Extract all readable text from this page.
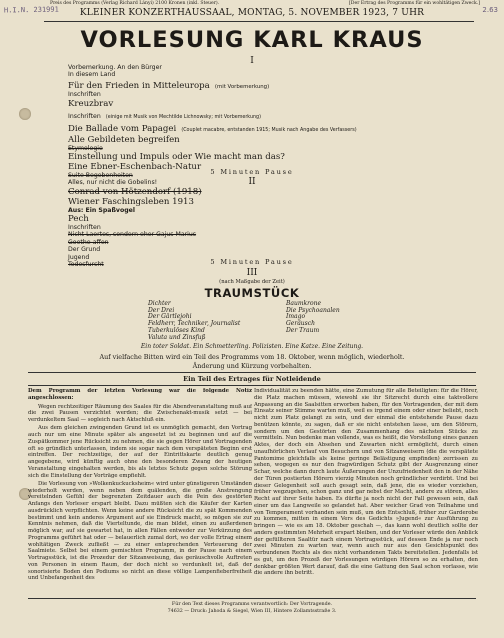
H.I.N. 231991	2.63
Preis des Programms (Verlag Richard Lányi) 2100 Kronen (inkl. Steuer).	[Der Ertrag des Programms für ein wohltätigen Zweck.]
KLEINER KONZERTHAUSSAAL, MONTAG, 5. NOVEMBER 1923, 7 UHR
VORLESUNG KARL KRAUS
I
Vorbemerkung. An den Bürger
In diesem Land
Für den Frieden in Mitteleuropa (mit Vorbemerkung)
Inschriften
Kreuzbrav
Inschriften (einige mit Musik von Mechtilde Lichnowsky; mit Vorbemerkung)
Die Ballade vom Papagei (Couplet macabre, entstanden 1915; Musik nach Angabe des Verfassers)
Alle Gebildeten begreifen
Etymologie
Einstellung und Impuls oder Wie macht man das?
Eine Ebner-Eschenbach-Natur
Suite Begebenheiten
Alles, nur nicht die Gobelins!
5 Minuten Pause
II
Conrad von Hötzendorf (1918)
Wiener Faschingsleben 1913
Aus: Ein Spaßvogel
Pech
Inschriften
Nicht Laertes, sondern eher Gajus Marius
Goethe-affen
Der Grund
Jugend
Todesfurcht	5 Minuten Pause
III
(nach Maßgabe der Zeit)
TRAUMSTÜCK
Dichter
Der Drei
Der Gärtlejohi
Feldherr, Techniker, Journalist
Tuberkulöses Kind
Valuta und Zinsfuß
Baumkrone
Die Psychoanalen
Imago
Geräusch
Der Traum
Ein toter Soldat. Ein Schmetterling. Polizisten. Eine Katze. Eine Zeitung.
Auf vielfache Bitten wird ein Teil des Programms vom 18. Oktober, wenn möglich, wiederholt.
Änderung und Kürzung vorbehalten.
Ein Teil des Ertrages für Notleidende

Dem Programm der letzten Vorlesung war die folgende Notiz angeschlossen:

Wegen rechtzeitiger Räumung des Saales für die Abendveranstaltung muß auf die zwei Pausen verzichtet werden; die Zwischenakt-musik setzt — bei verdunkeltem Saal — sogleich nach Aktschluß ein.

Aus dem gleichen zwingenden Grund ist es unmöglich gemacht, den Vortrag auch nur um eine Minute später als angesetzt ist zu beginnen und auf die Zuspätkommer jene Rücksicht zu nehmen, die sie gegen Hörer und Vortragenden oft so gründlich unterlassen, indem sie sogar nach dem verspäteten Beginn erst eintreffen. Der rechtzeitige, der auf der Eintrittskarte deutlich genug angegebene, wird künftig auch ohne den besonderen Zwang der heutigen Veranstaltung eingehalten werden, bis als letztes Schutz gegen solche Störung sich die Einstellung der Vorträge empfiehlt.

Die Vorlesung von »Wolkenkuckucksheim« wird unter günstigeren Umständen wiederholt werden, wenn neben dem quälenden, die große Anstrengung vereitelnden Gefühl der begrenzten Zeitdauer auch die Pein des gestörten Anfangs den Vorleser erspart bleibt. Dazu müßten sich die Käufer der Karten ausdrücklich verpflichten. Wenn keine andere Rücksicht die zu spät Kommenden bestimmt und kein anderes Argument auf sie Eindruck macht, so mögen sie zur Kenntnis nehmen, daß die Vierteltunde, die man bildet, einen zu außerdenen möglich war, auf sie gewartet hat, in allen Fällen entweder zur Verkürzung des Programms geführt hat oder — belauerlich zumal dort, wo der volle Ertrag einem wohltätigen Zweck zufließt — zu einer entsprechenden Verteuerung der Saalmiete. Selbst bei einem gemischten Programm, in der Pause nach einem Vortragsstück, ist die Prozedur der Sitzanweisung, das geräuschvolle Auftreten von Personen in einem Raum, der doch nicht so verdunkelt ist, daß der sonorisierte Boden den Podiums so nicht an diese völlige Lampenfieberfreiheit und Unbefangenheit des

Individualität zu beenden hätte, eine Zumutung für alle Beteiligten: für die Hörer, die Platz machen müssen, wiewohl sie ihr Sitzrecht durch eine taktvollere Anpassung an die Saalsitten erworben haben, für den Vortragenden, der mit dem Einsatz seiner Stimme warten muß, weil es irgend einem oder einer beliebt, noch nicht zum Platz gelangt zu sein, und der einmal die entstehende Pause dazu benützen könnte, zu sagen, daß er sie nicht entstehen lasse, um den Störern, sondern um den Gestörten den Zusammenhang des nächsten Stücks zu vermitteln. Nun bedenke man vollends, was es heißt, die Vorstellung eines ganzen Aktes, der doch ein Absehen und Zuwarten nicht ermöglicht, durch einen unaufhörlichen Verlauf von Besuchern und von Sitzanweisern (die die verspätete Pantomime gleichfalls als keine geringe Belästigung empfinden) zerrissen zu sehen, wogegen es nur den fragwürdigen Schutz gibt der Ausgrenzung einer Schar, welche dann durch laute Äußerungen der Unzufriedenheit den in der Nähe der Türen postierten Hörern vierzig Minuten noch gründlicher verdirbt. Und bei dieser Gelegenheit soll auch gesagt sein, daß jene, die es wieder vorziehen, früher wegzugehen, schon ganz und gar nebst der Macht, andere zu stören, alles Recht auf ihrer Seite haben. Es dürfte ja noch nicht der Fall gewesen sein, daß einer um das Langweile so gelandet hat. Aber weicher Grad von Teilnahme und von Temperament vorhanden sein muß, um den Entschluß, früher zur Garderobe zu kommen, mitten in einem Vers des Gedichts »Jugend« zur Ausführung zu bringen — wie es am 18. Oktober geschah —, das kann wohl deutlich sollte der anders gestimmten Mehrheit erspart bleiben, und der Vorleser würde den Anblick der gefüllteren Saaltür nach einem Vortragsstück, auf dessen Ende ja nur noch zwei Minuten zu warten war, wenn auch nur aus den Gesichtspunkt des verbundenen Rechts als des nicht vorhandenen Takts bereitstellen. Jedenfalls ist es gut, um den Prozeß der Vorlesungen würdigen Hörern so zu erhalten, den denkbar größten Wert darauf, daß die eine Gattung den Saal schon vorlasse, wie die andere ihn betritt.

Für den Text dieses Programms verantwortlich: Der Vortragende.
74632 — Druck: Jahoda & Siegel, Wien III, Hintere Zollamtsstraße 3.
